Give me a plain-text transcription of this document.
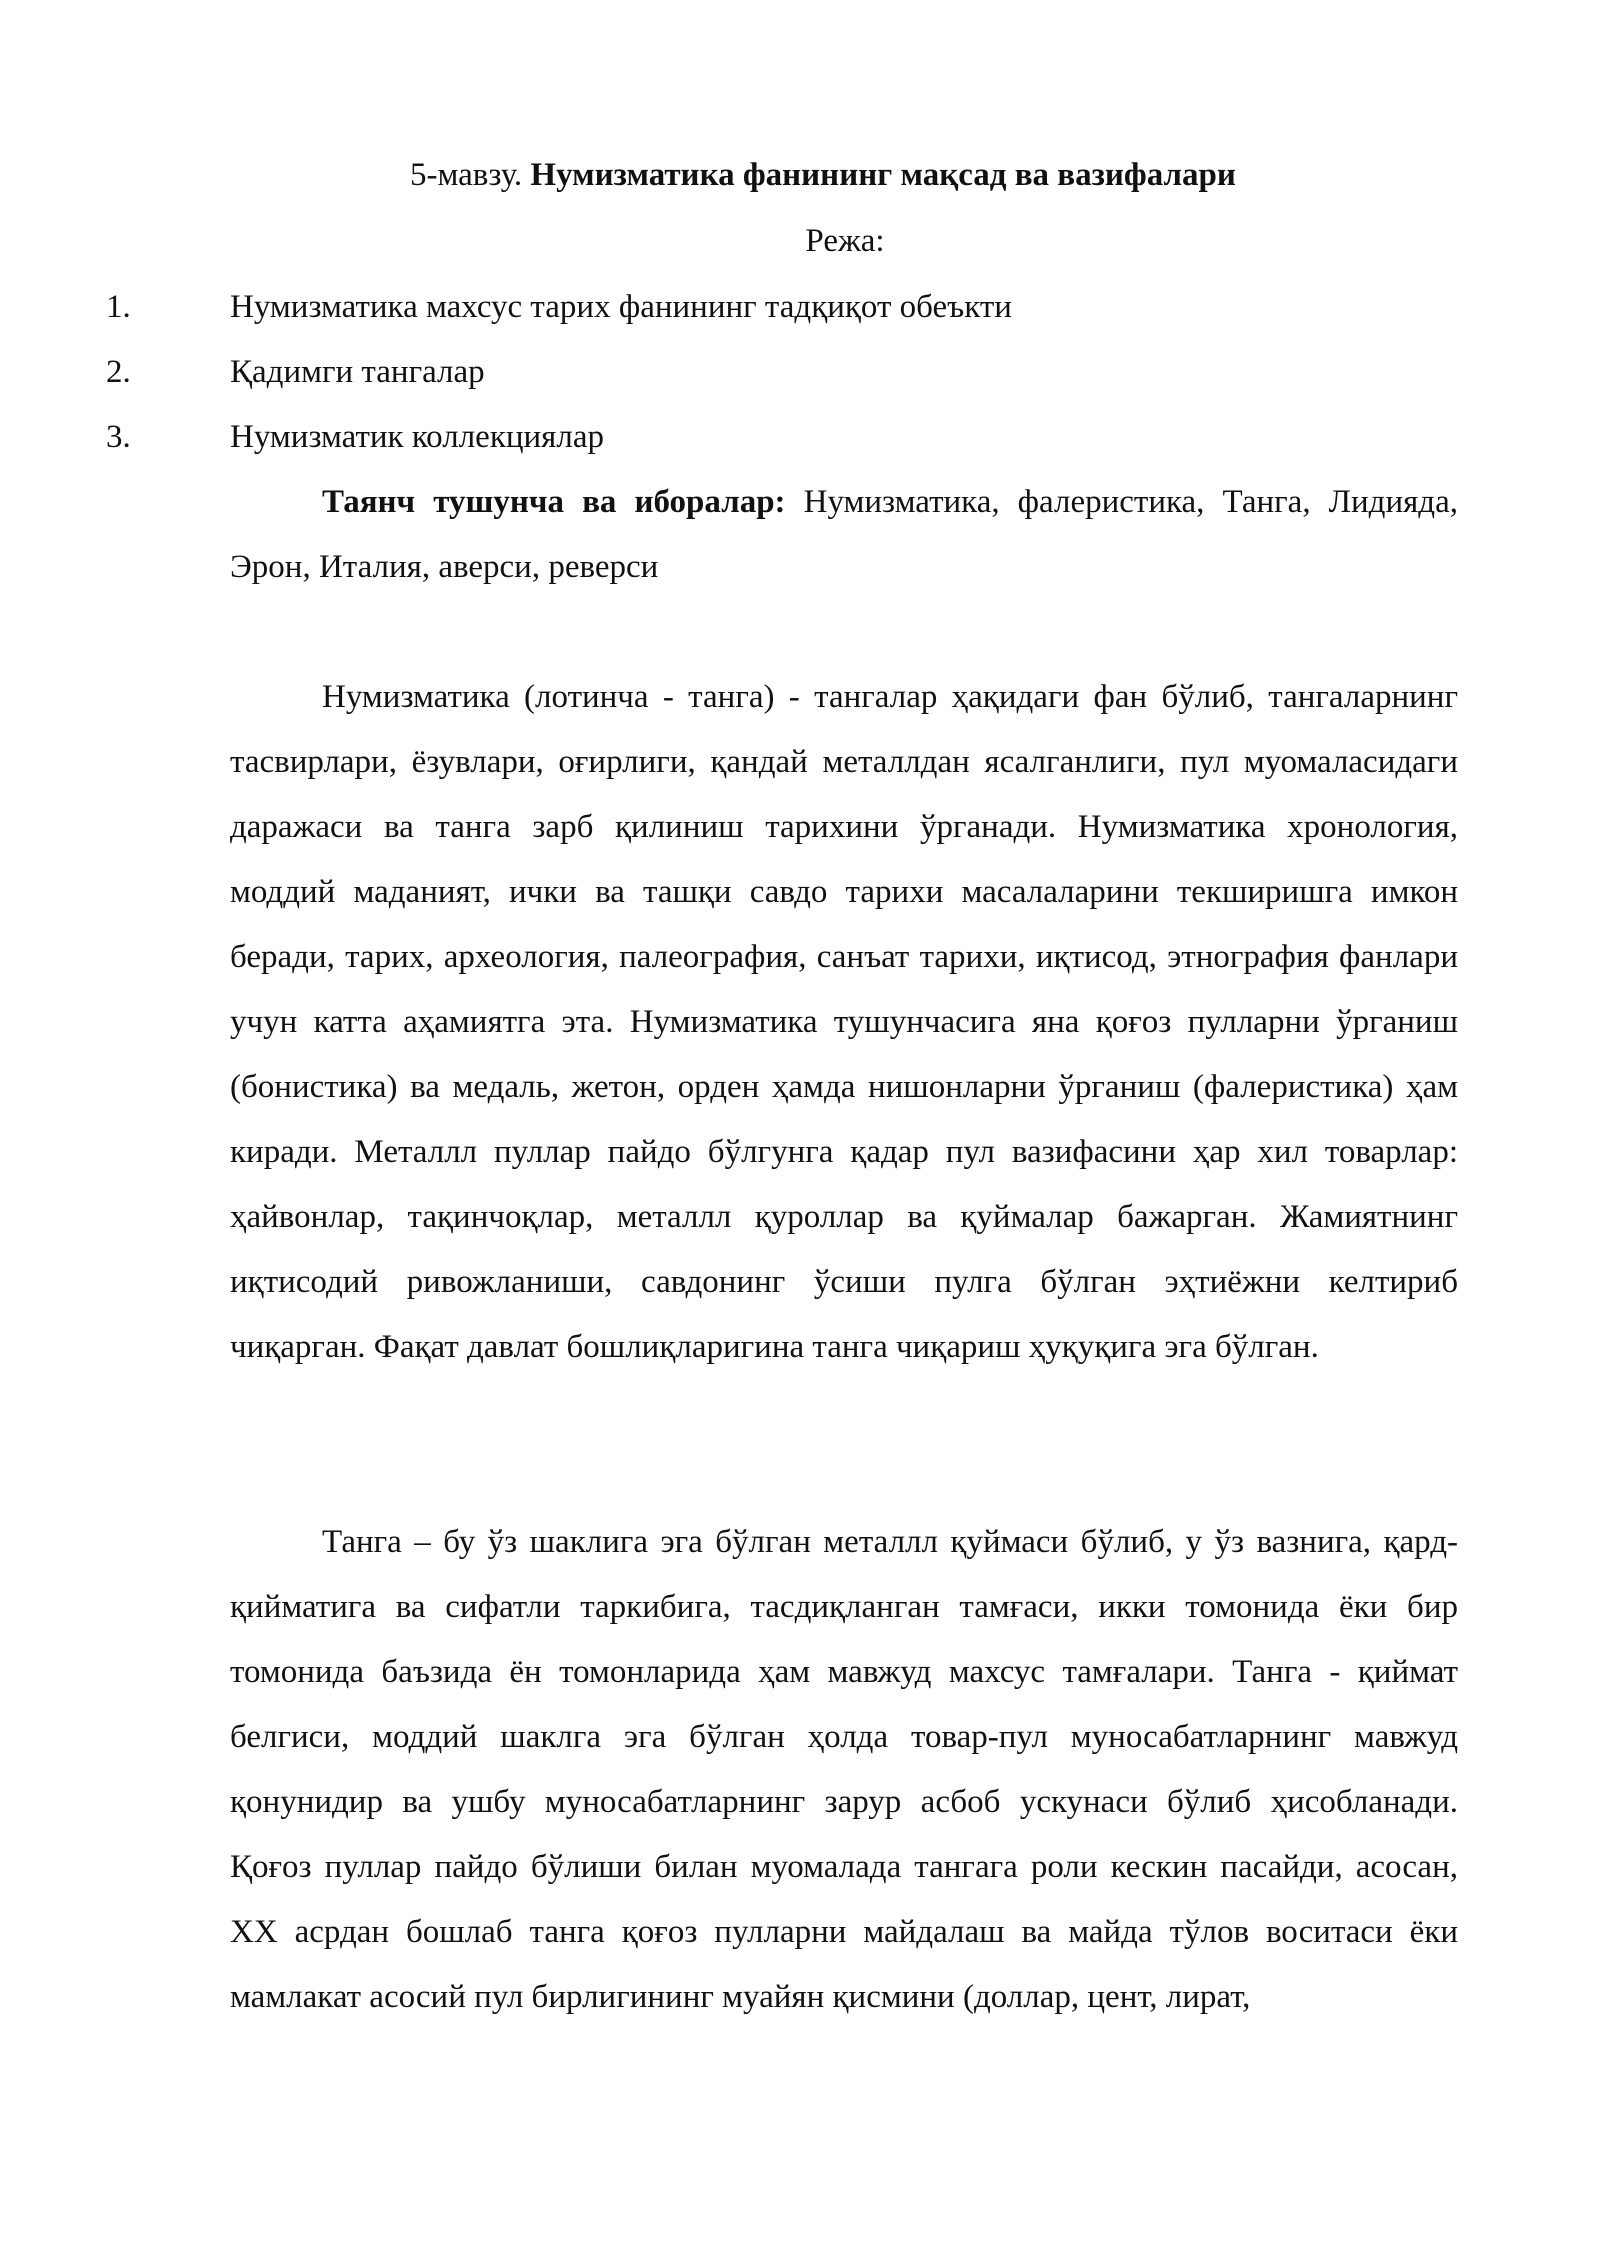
5-мавзу. Нумизматика фанининг мақсад ва вазифалари
Режа:
1.	Нумизматика махсус тарих фанининг тадқиқот обеъкти
2.	Қадимги тангалар
3.	Нумизматик коллекциялар

Таянч тушунча ва иборалар: Нумизматика, фалеристика, Танга, Лидияда, Эрон, Италия, аверси, реверси

Нумизматика (лотинча - танга) - тангалар ҳақидаги фан бўлиб, тангаларнинг тасвирлари, ёзувлари, оғирлиги, қандай металлдан ясалганлиги, пул муомаласидаги даражаси ва танга зарб қилиниш тарихини ўрганади. Нумизматика хронология, моддий маданият, ички ва ташқи савдо тарихи масалаларини текширишга имкон беради, тарих, археология, палеография, санъат тарихи, иқтисод, этнография фанлари учун катта аҳамиятга эта. Нумизматика тушунчасига яна қоғоз пулларни ўрганиш (бонистика) ва медаль, жетон, орден ҳамда нишонларни ўрганиш (фалеристика) ҳам киради. Металлл пуллар пайдо бўлгунга қадар пул вазифасини ҳар хил товарлар: ҳайвонлар, тақинчоқлар, металлл қуроллар ва қуймалар бажарган. Жамиятнинг иқтисодий ривожланиши, савдонинг ўсиши пулга бўлган эҳтиёжни келтириб чиқарган. Фақат давлат бошлиқларигина танга чиқариш ҳуқуқига эга бўлган.

Танга – бу ўз шаклига эга бўлган металлл қуймаси бўлиб, у ўз вазнига, қард-қийматига ва сифатли таркибига, тасдиқланган тамғаси, икки томонида ёки бир томонида баъзида ён томонларида ҳам мавжуд махсус тамғалари. Танга - қиймат белгиси, моддий шаклга эга бўлган ҳолда товар-пул муносабатларнинг мавжуд қонунидир ва ушбу муносабатларнинг зарур асбоб ускунаси бўлиб ҳисобланади. Қоғоз пуллар пайдо бўлиши билан муомалада тангага роли кескин пасайди, асосан, XX асрдан бошлаб танга қоғоз пулларни майдалаш ва майда тўлов воситаси ёки мамлакат асосий пул бирлигининг муайян қисмини (доллар, цент, лират,
